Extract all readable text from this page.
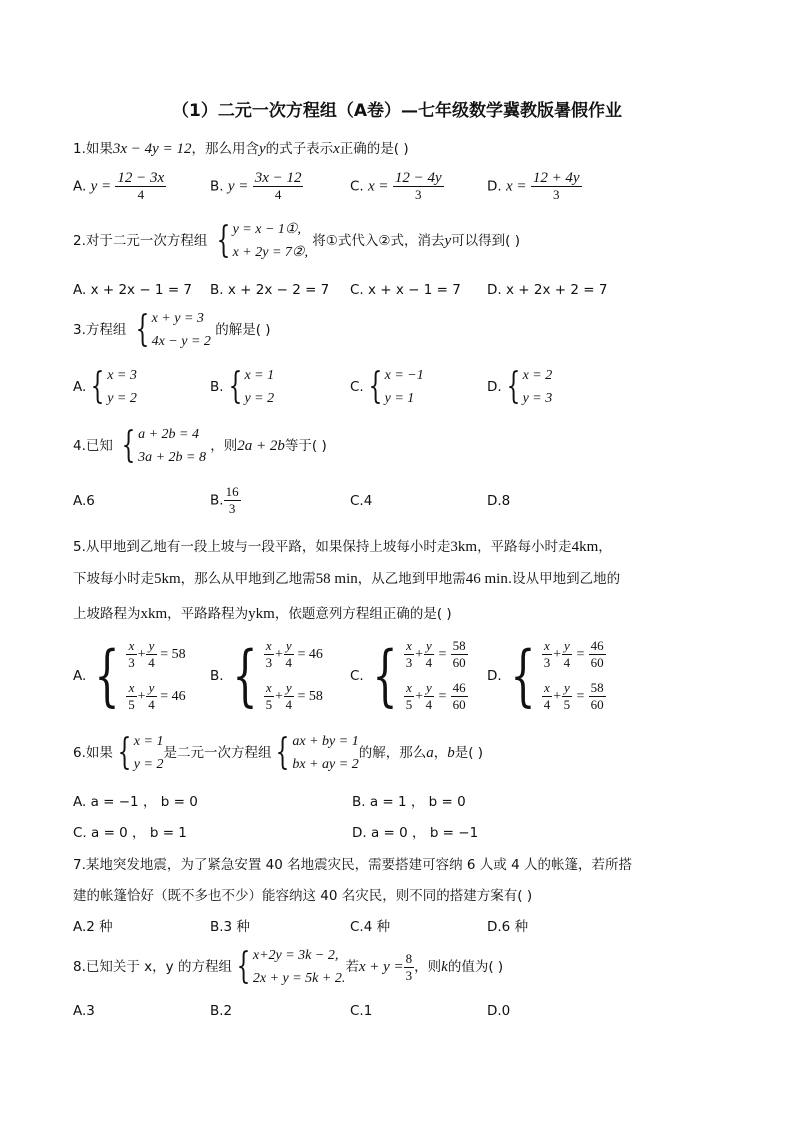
（1）二元一次方程组（A卷）—七年级数学冀教版暑假作业
1.如果3x − 4y = 12，那么用含y的式子表示x正确的是( )
A. $y = \frac{12 - 3x}{4}$	B. $y = \frac{3x - 12}{4}$	C. $x = \frac{12 - 4y}{3}$	D. $x = \frac{12 + 4y}{3}$
2.对于二元一次方程组 { y = x − 1①,
x + 2y = 7②,
将①式代入②式，消去y可以得到( )
A. x + 2x − 1 = 7 B. x + 2x − 2 = 7 C. x + x − 1 = 7 D. x + 2x + 2 = 7
3.方程组 { x + y = 3
4x − y = 2
的解是( )
A. { x = 3
y = 2
B. { x = 1
y = 2
C. { x = −1
y = 1
D. { x = 2
y = 3
4.已知 { a + 2b = 4
3a + 2b = 8
，则2a + 2b等于( )
A.6	B. $\frac{16}{3}$	C.4	D.8
5.从甲地到乙地有一段上坡与一段平路，如果保持上坡每小时走3km，平路每小时走4km，
下坡每小时走5km，那么从甲地到乙地需58 min，从乙地到甲地需46 min.设从甲地到乙地的
上坡路程为xkm，平路路程为ykm，依题意列方程组正确的是( )
A. { $\frac{x}{3} + \frac{y}{4} = 58$
$\frac{x}{5} + \frac{y}{4} = 46$
B. { $\frac{x}{3} + \frac{y}{4} = 46$
$\frac{x}{5} + \frac{y}{4} = 58$
C. { $\frac{x}{3} + \frac{y}{4} = \frac{58}{60}$
$\frac{x}{5} + \frac{y}{4} = \frac{46}{60}$
D. { $\frac{x}{3} + \frac{y}{4} = \frac{46}{60}$
$\frac{x}{4} + \frac{y}{5} = \frac{58}{60}$
6.如果 { x = 1
y = 2
是二元一次方程组 { ax + by = 1
bx + ay = 2
的解，那么a，b是( )
A. a = −1 ， b = 0	B. a = 1 ， b = 0
C. a = 0 ， b = 1	D. a = 0 ， b = −1
7.某地突发地震，为了紧急安置 40 名地震灾民，需要搭建可容纳 6 人或 4 人的帐篷，若所搭
建的帐篷恰好（既不多也不少）能容纳这 40 名灾民，则不同的搭建方案有( )
A.2 种	B.3 种	C.4 种	D.6 种
8.已知关于 x，y 的方程组 { x+2y = 3k − 2,
2x + y = 5k + 2.
若$x + y = \frac{8}{3}$ ，则k的值为( )
A.3	B.2	C.1	D.0
